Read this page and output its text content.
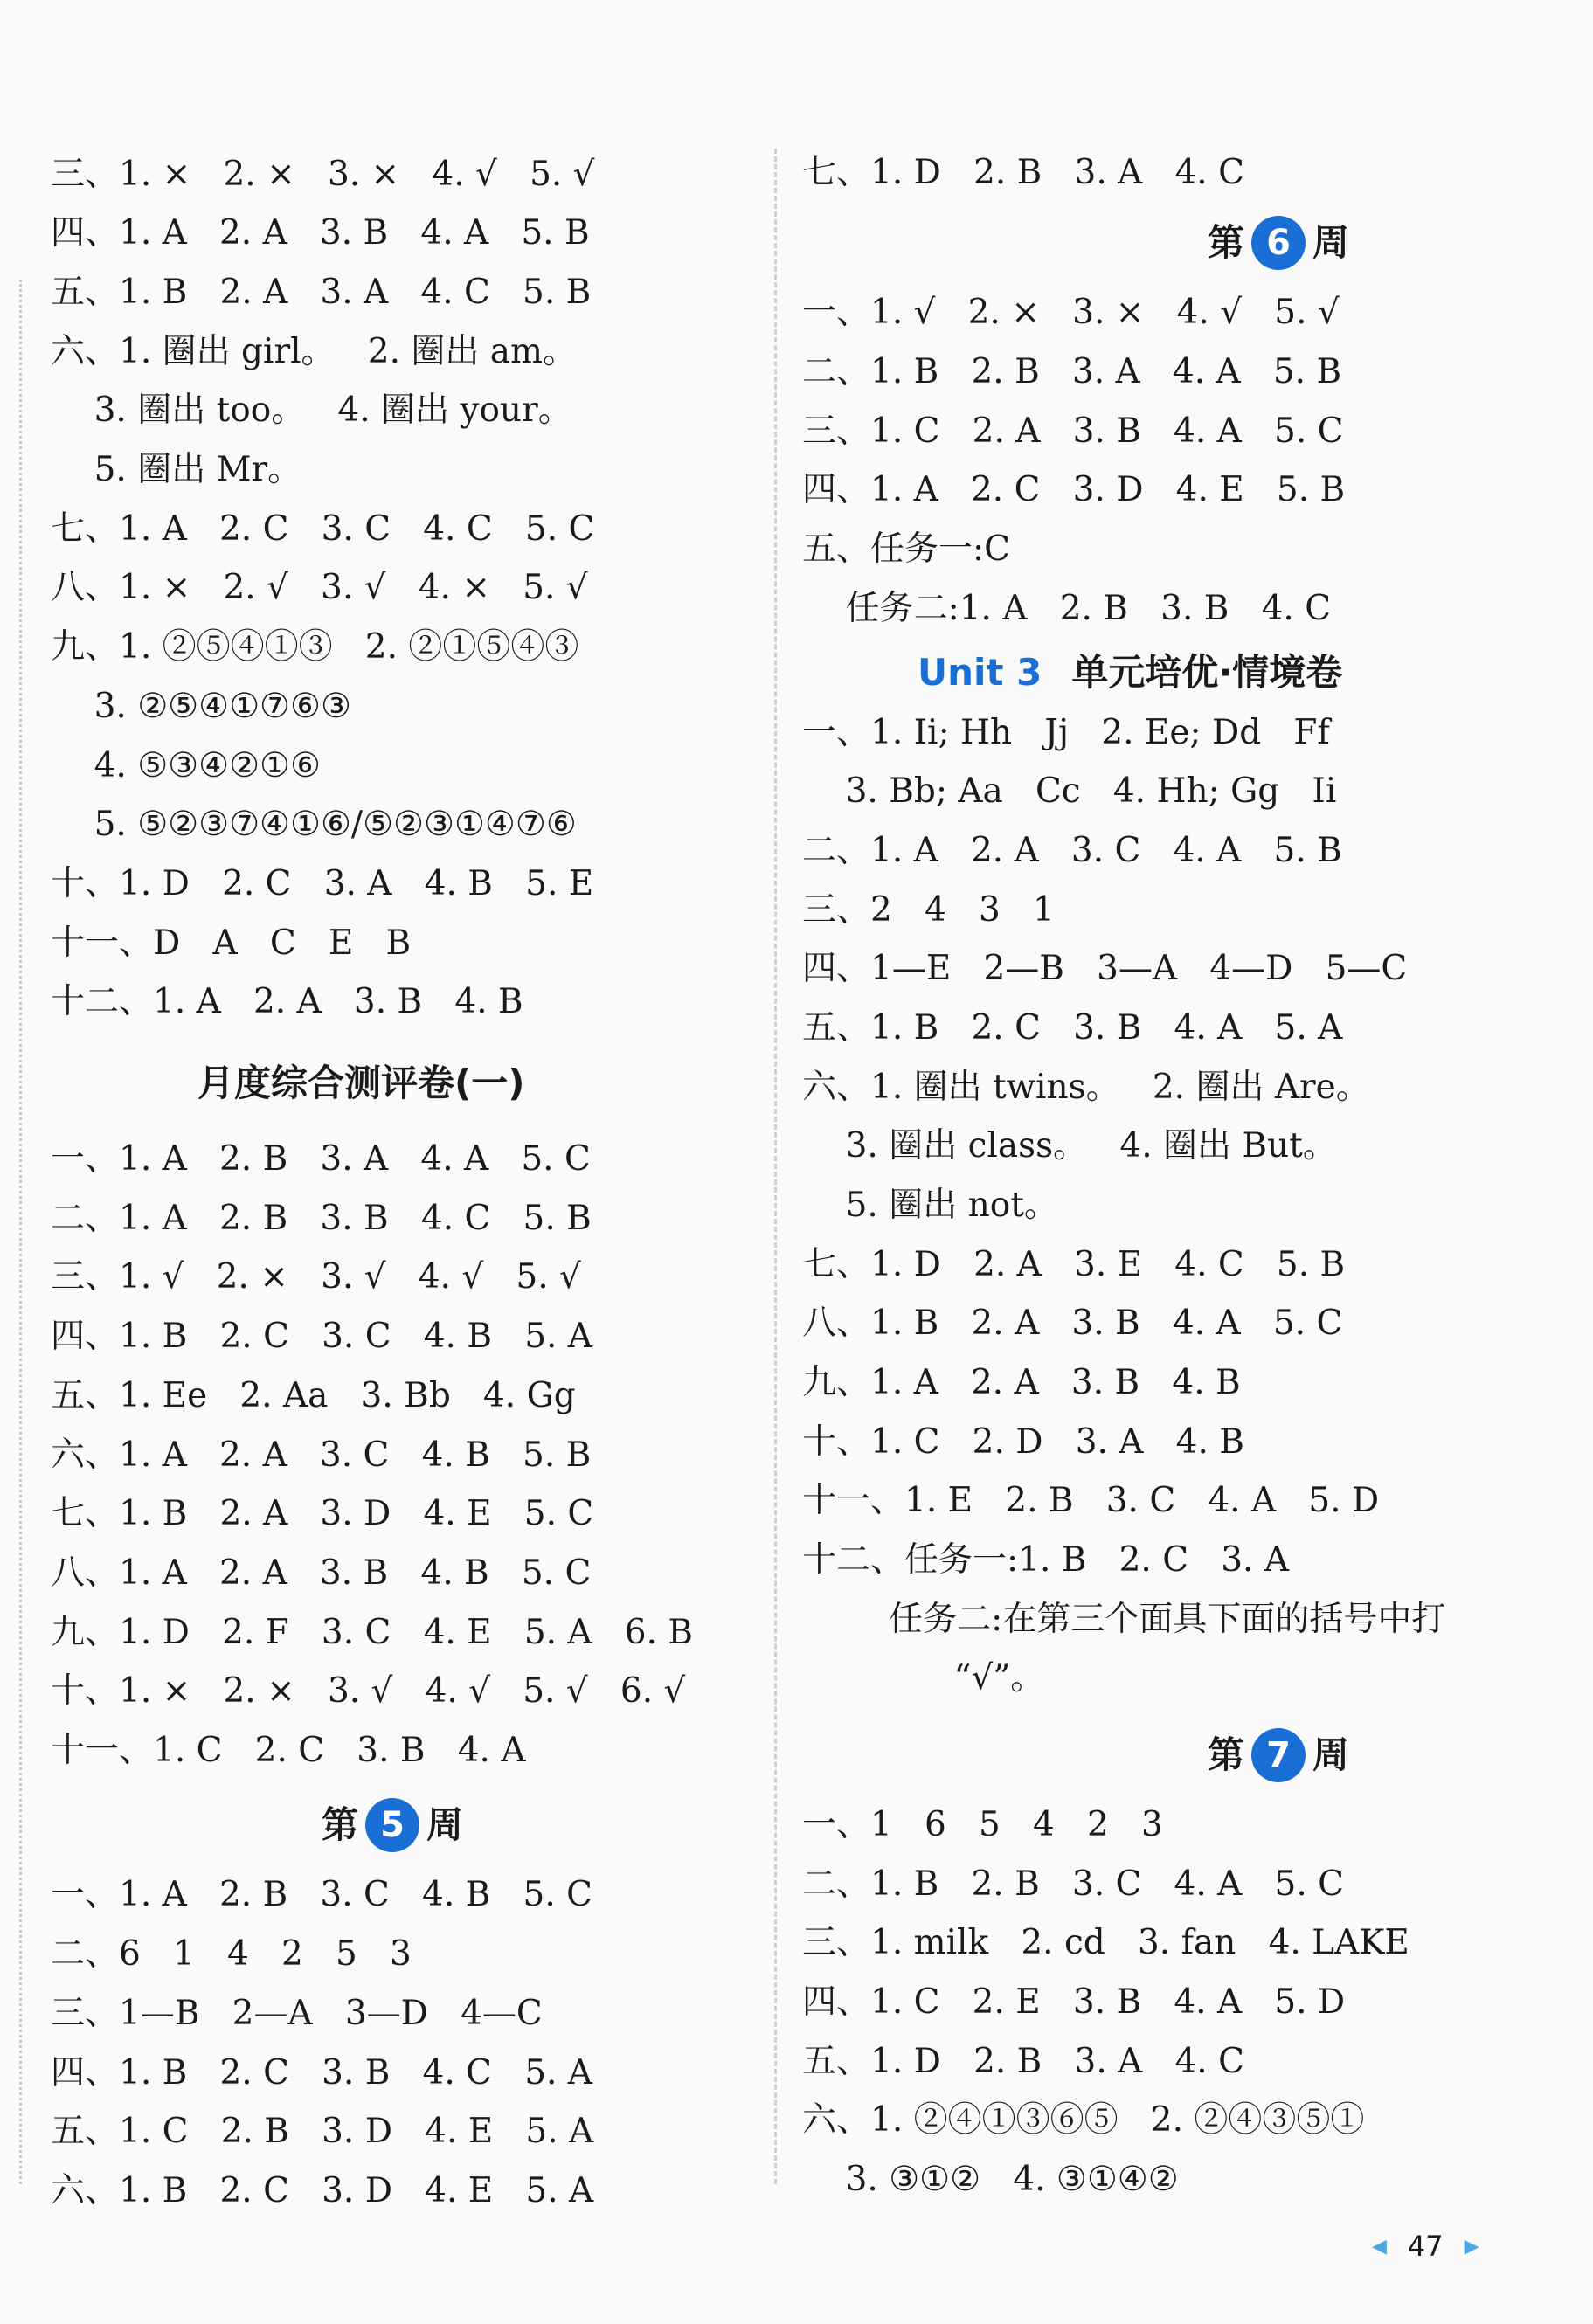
三、1. ×   2. ×   3. ×   4. √   5. √
四、1. A   2. A   3. B   4. A   5. B
五、1. B   2. A   3. A   4. C   5. B
六、1. 圈出 girl。   2. 圈出 am。
3. 圈出 too。   4. 圈出 your。
5. 圈出 Mr。
七、1. A   2. C   3. C   4. C   5. C
八、1. ×   2. √   3. √   4. ×   5. √
九、1. ②⑤④①③   2. ②①⑤④③
3. ②⑤④①⑦⑥③
4. ⑤③④②①⑥
5. ⑤②③⑦④①⑥/⑤②③①④⑦⑥
十、1. D   2. C   3. A   4. B   5. E
十一、D   A   C   E   B
十二、1. A   2. A   3. B   4. B
月度综合测评卷(一)
一、1. A   2. B   3. A   4. A   5. C
二、1. A   2. B   3. B   4. C   5. B
三、1. √   2. ×   3. √   4. √   5. √
四、1. B   2. C   3. C   4. B   5. A
五、1. Ee   2. Aa   3. Bb   4. Gg
六、1. A   2. A   3. C   4. B   5. B
七、1. B   2. A   3. D   4. E   5. C
八、1. A   2. A   3. B   4. B   5. C
九、1. D   2. F   3. C   4. E   5. A   6. B
十、1. ×   2. ×   3. √   4. √   5. √   6. √
十一、1. C   2. C   3. B   4. A
第 5 周
一、1. A   2. B   3. C   4. B   5. C
二、6   1   4   2   5   3
三、1—B   2—A   3—D   4—C
四、1. B   2. C   3. B   4. C   5. A
五、1. C   2. B   3. D   4. E   5. A
六、1. B   2. C   3. D   4. E   5. A
七、1. D   2. B   3. A   4. C
第 6 周
一、1. √   2. ×   3. ×   4. √   5. √
二、1. B   2. B   3. A   4. A   5. B
三、1. C   2. A   3. B   4. A   5. C
四、1. A   2. C   3. D   4. E   5. B
五、任务一:C
任务二:1. A   2. B   3. B   4. C
Unit 3 单元培优·情境卷
一、1. Ii; Hh   Jj   2. Ee; Dd   Ff
3. Bb; Aa   Cc   4. Hh; Gg   Ii
二、1. A   2. A   3. C   4. A   5. B
三、2   4   3   1
四、1—E   2—B   3—A   4—D   5—C
五、1. B   2. C   3. B   4. A   5. A
六、1. 圈出 twins。   2. 圈出 Are。
3. 圈出 class。   4. 圈出 But。
5. 圈出 not。
七、1. D   2. A   3. E   4. C   5. B
八、1. B   2. A   3. B   4. A   5. C
九、1. A   2. A   3. B   4. B
十、1. C   2. D   3. A   4. B
十一、1. E   2. B   3. C   4. A   5. D
十二、任务一:1. B   2. C   3. A
任务二:在第三个面具下面的括号中打
“√”。
第 7 周
一、1   6   5   4   2   3
二、1. B   2. B   3. C   4. A   5. C
三、1. milk   2. cd   3. fan   4. LAKE
四、1. C   2. E   3. B   4. A   5. D
五、1. D   2. B   3. A   4. C
六、1. ②④①③⑥⑤   2. ②④③⑤①
3. ③①②   4. ③①④②
◀ 47 ▶
